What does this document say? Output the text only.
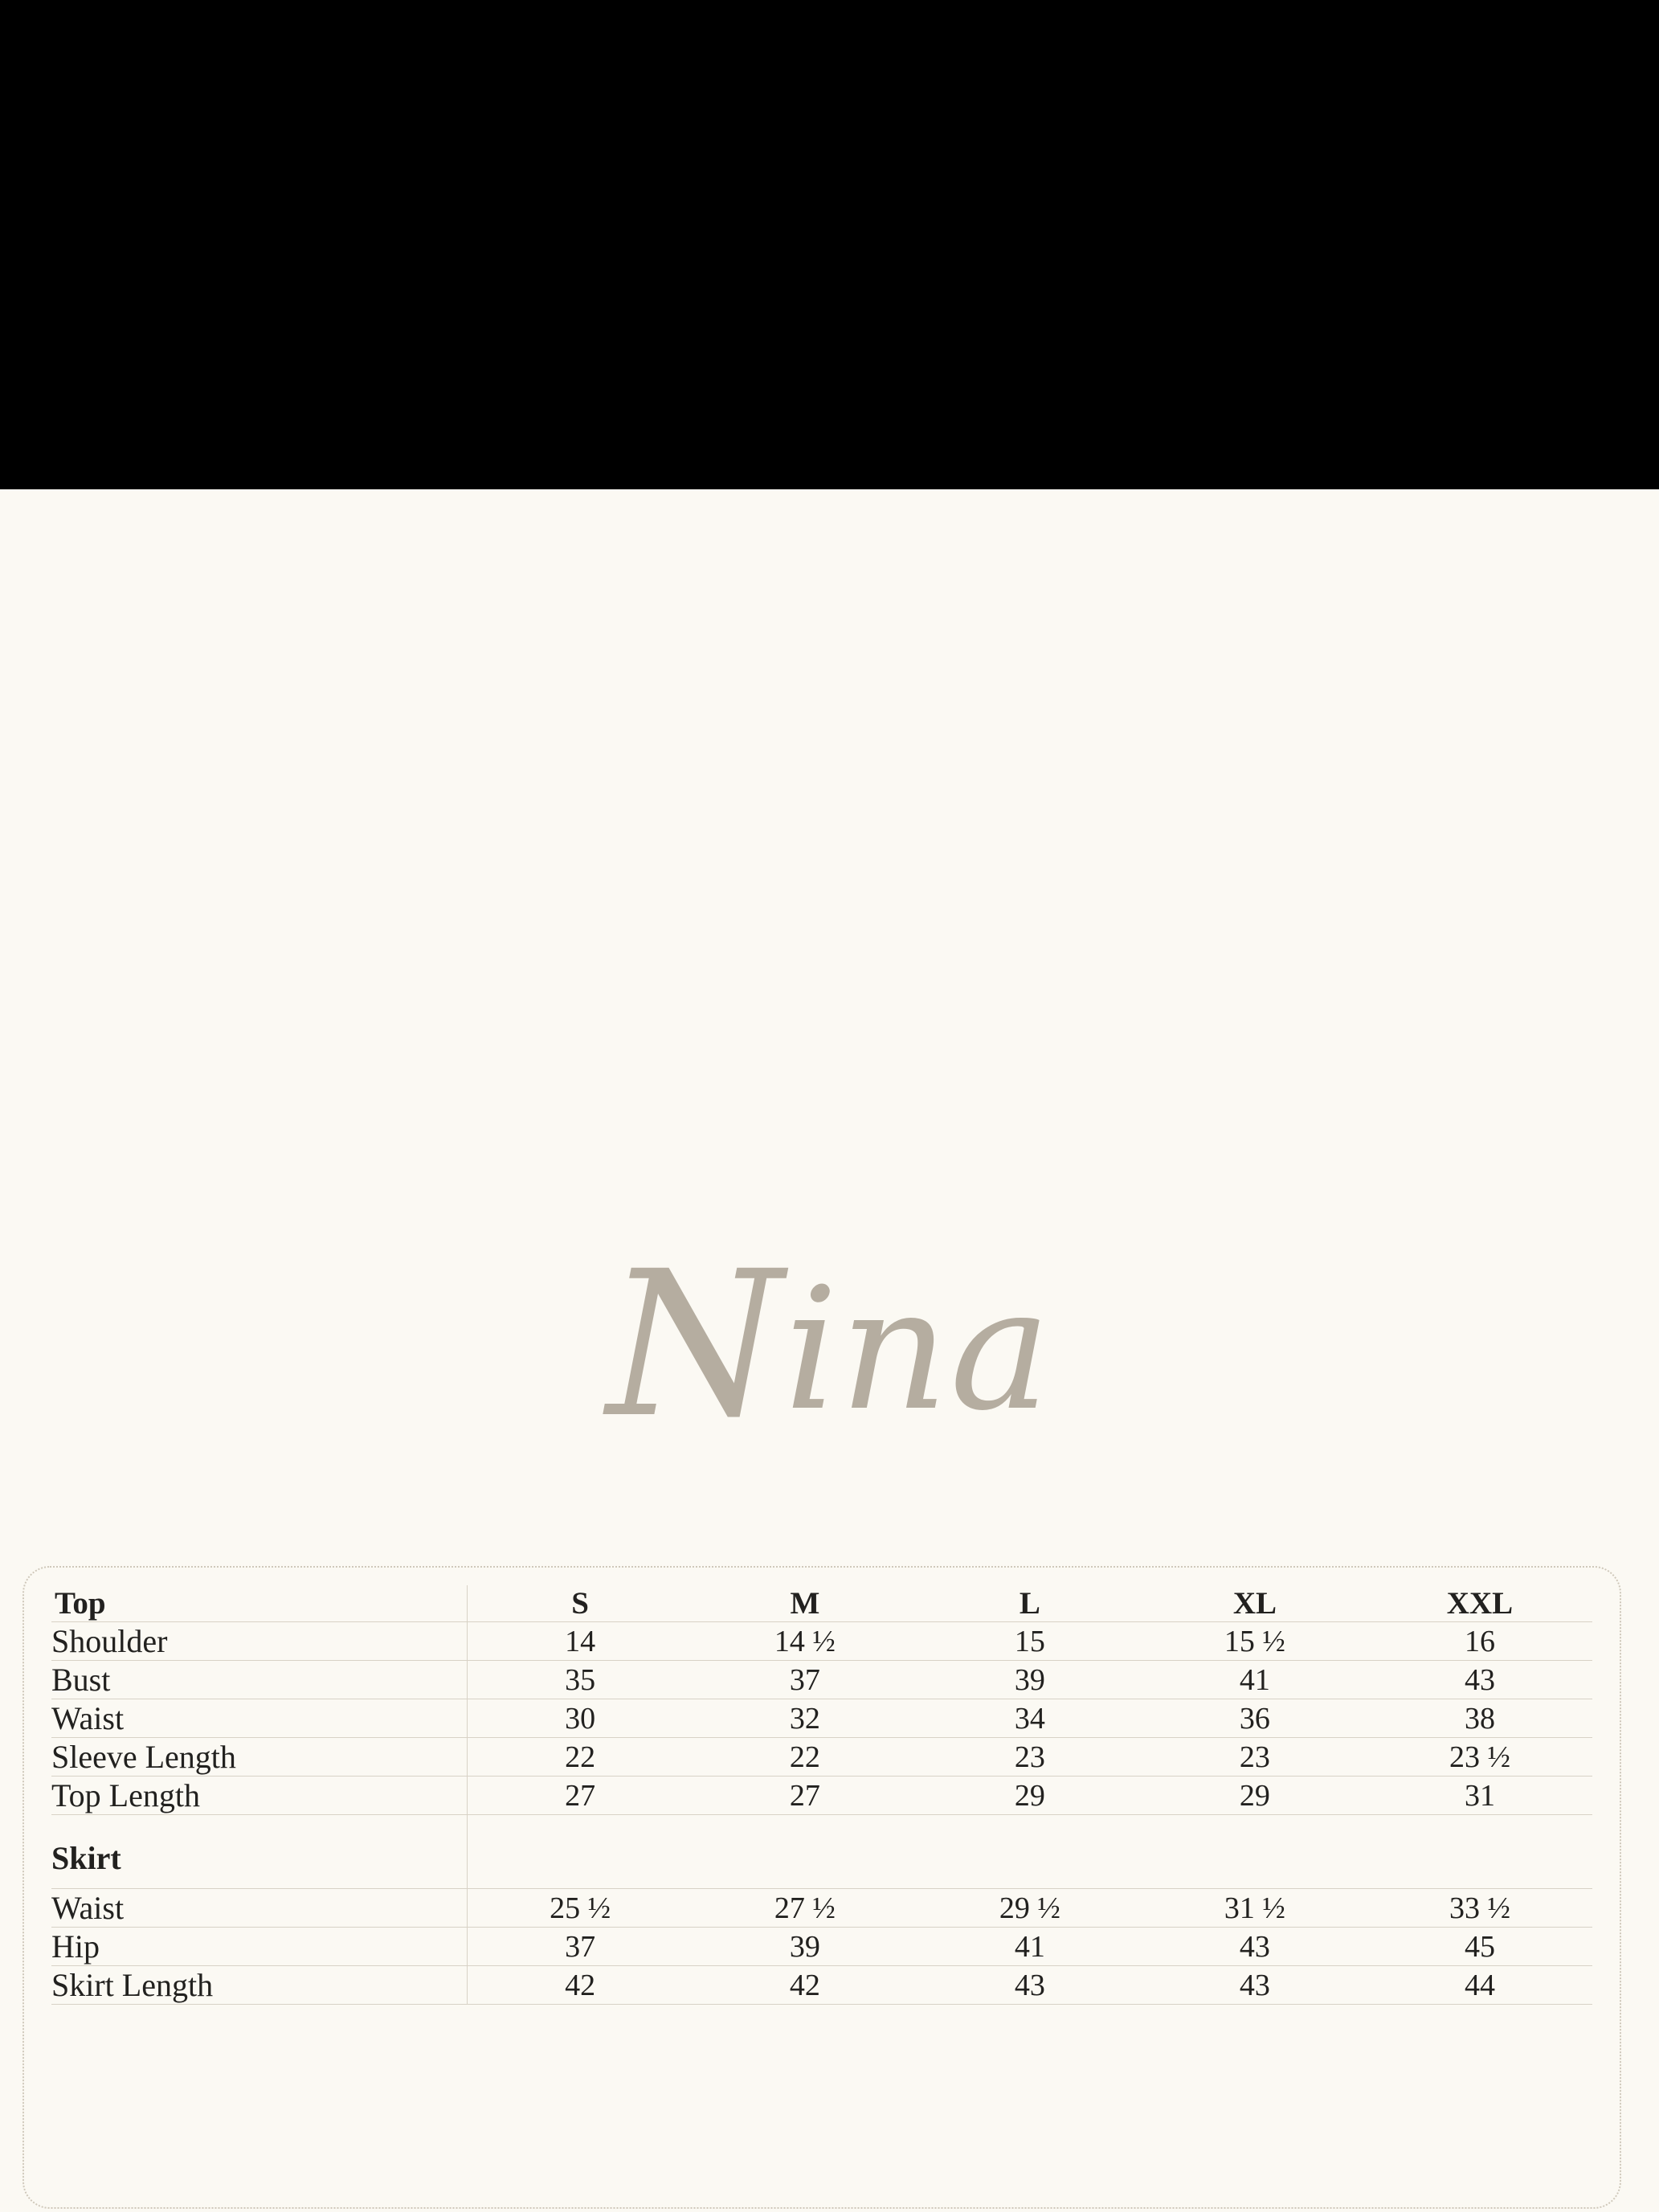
Nina
Top	S	M	L	XL	XXL
Shoulder	14	14 ½	15	15 ½	16
Bust	35	37	39	41	43
Waist	30	32	34	36	38
Sleeve Length	22	22	23	23	23 ½
Top Length	27	27	29	29	31
Skirt					
Waist	25 ½	27 ½	29 ½	31 ½	33 ½
Hip	37	39	41	43	45
Skirt Length	42	42	43	43	44
